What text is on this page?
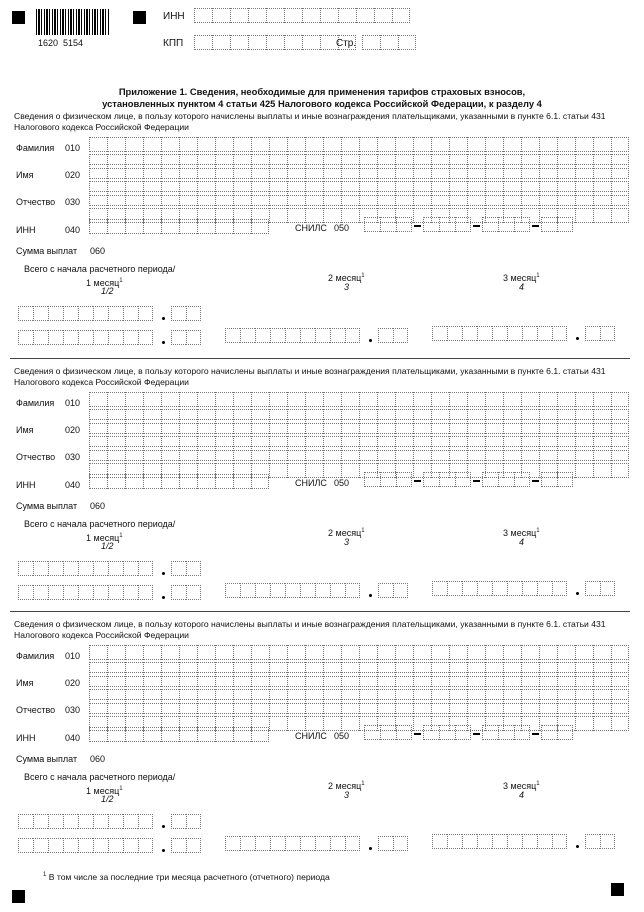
1620  5154
ИНН
КПП	Стр.
Приложение 1. Сведения, необходимые для применения тарифов страховых взносов,
установленных пунктом 4 статьи 425 Налогового кодекса Российской Федерации, к разделу 4
Сведения о физическом лице, в пользу которого начислены выплаты и иные вознаграждения плательщиками, указанными в пункте 6.1. статьи 431 Налогового кодекса Российской Федерации
Фамилия 010
Имя	020
Отчество 030
ИНН	040	СНИЛС 050
Сумма выплат 060
Всего с начала расчетного периода/
1 месяц$^1$
1/2
2 месяц$^1$
3
3 месяц$^1$
4
Сведения о физическом лице, в пользу которого начислены выплаты и иные вознаграждения плательщиками, указанными в пункте 6.1. статьи 431 Налогового кодекса Российской Федерации
Фамилия 010
Имя	020
Отчество 030
ИНН	040	СНИЛС 050
Сумма выплат 060
Всего с начала расчетного периода/
1 месяц$^1$
1/2
2 месяц$^1$
3
3 месяц$^1$
4
Сведения о физическом лице, в пользу которого начислены выплаты и иные вознаграждения плательщиками, указанными в пункте 6.1. статьи 431 Налогового кодекса Российской Федерации
Фамилия 010
Имя	020
Отчество 030
ИНН	040	СНИЛС 050
Сумма выплат 060
Всего с начала расчетного периода/
1 месяц$^1$
1/2
2 месяц$^1$
3
3 месяц$^1$
4
$^1$ В том числе за последние три месяца расчетного (отчетного) периода
